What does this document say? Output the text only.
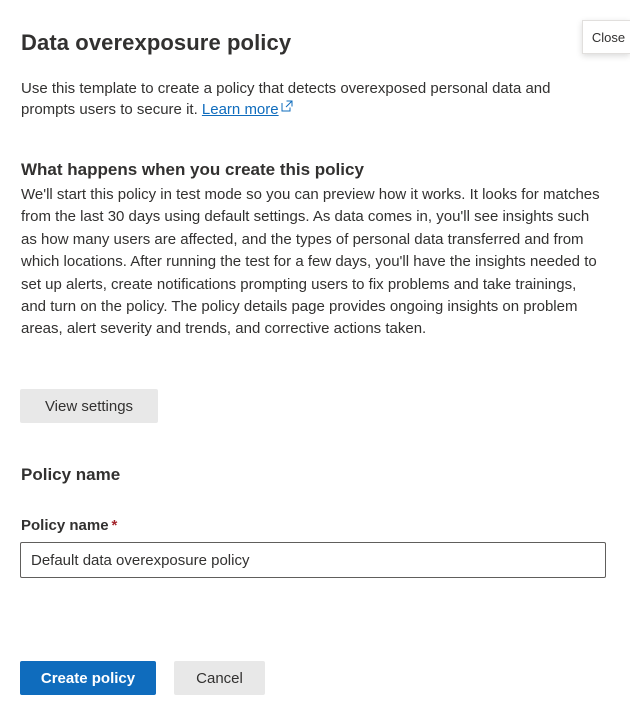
Close
Data overexposure policy

Use this template to create a policy that detects overexposed personal data and prompts users to secure it. Learn more

What happens when you create this policy

We'll start this policy in test mode so you can preview how it works. It looks for matches from the last 30 days using default settings. As data comes in, you'll see insights such as how many users are affected, and the types of personal data transferred and from which locations. After running the test for a few days, you'll have the insights needed to set up alerts, create notifications prompting users to fix problems and take trainings, and turn on the policy. The policy details page provides ongoing insights on problem areas, alert severity and trends, and corrective actions taken.

View settings
Policy name
Policy name *
Default data overexposure policy
Create policy	Cancel
